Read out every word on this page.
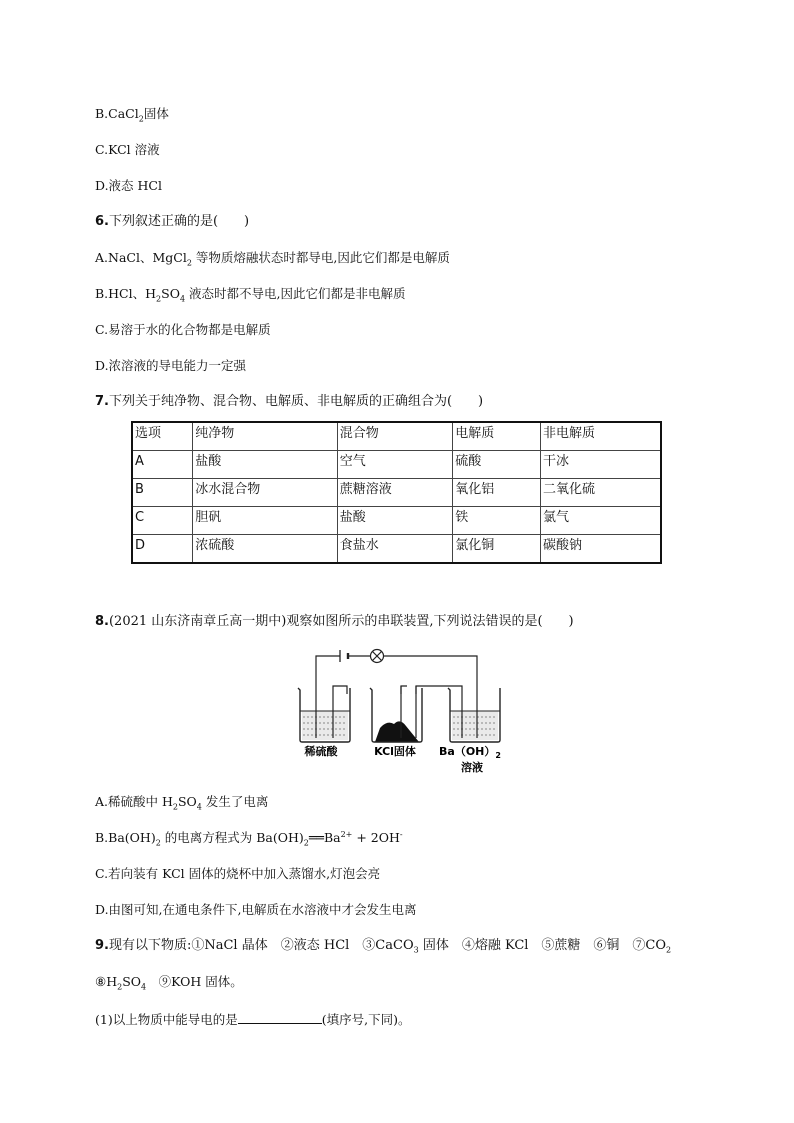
B.CaCl$_2$固体
C.KCl 溶液
D.液态 HCl
6.下列叙述正确的是(　　)
A.NaCl、MgCl$_2$ 等物质熔融状态时都导电,因此它们都是电解质
B.HCl、$H_2SO_4$ 液态时都不导电,因此它们都是非电解质
C.易溶于水的化合物都是电解质
D.浓溶液的导电能力一定强
7.下列关于纯净物、混合物、电解质、非电解质的正确组合为(　　)
选项	纯净物	混合物	电解质	非电解质
A	盐酸	空气	硫酸	干冰
B	冰水混合物	蔗糖溶液	氧化铝	二氧化硫
C	胆矾	盐酸	铁	氯气
D	浓硫酸	食盐水	氯化铜	碳酸钠
8.(2021 山东济南章丘高一期中)观察如图所示的串联装置,下列说法错误的是(　　)
稀硫酸	KCl固体 $Ba(OH)_2$
溶液
A.稀硫酸中 $H_2SO_4$ 发生了电离
$B.Ba(OH)_2$ 的电离方程式为 $Ba(OH)_2══Ba^{2+} + 2OH^-$
C.若向装有 KCl 固体的烧杯中加入蒸馏水,灯泡会亮
D.由图可知,在通电条件下,电解质在水溶液中才会发生电离
9.现有以下物质:①NaCl 晶体　②液态 HCl　③CaCO$_3$ 固体　④熔融 KCl　⑤蔗糖　⑥铜　$⑦CO_2$
$⑧H_2SO_4$　⑨KOH 固体。
(1)以上物质中能导电的是	(填序号,下同)。
